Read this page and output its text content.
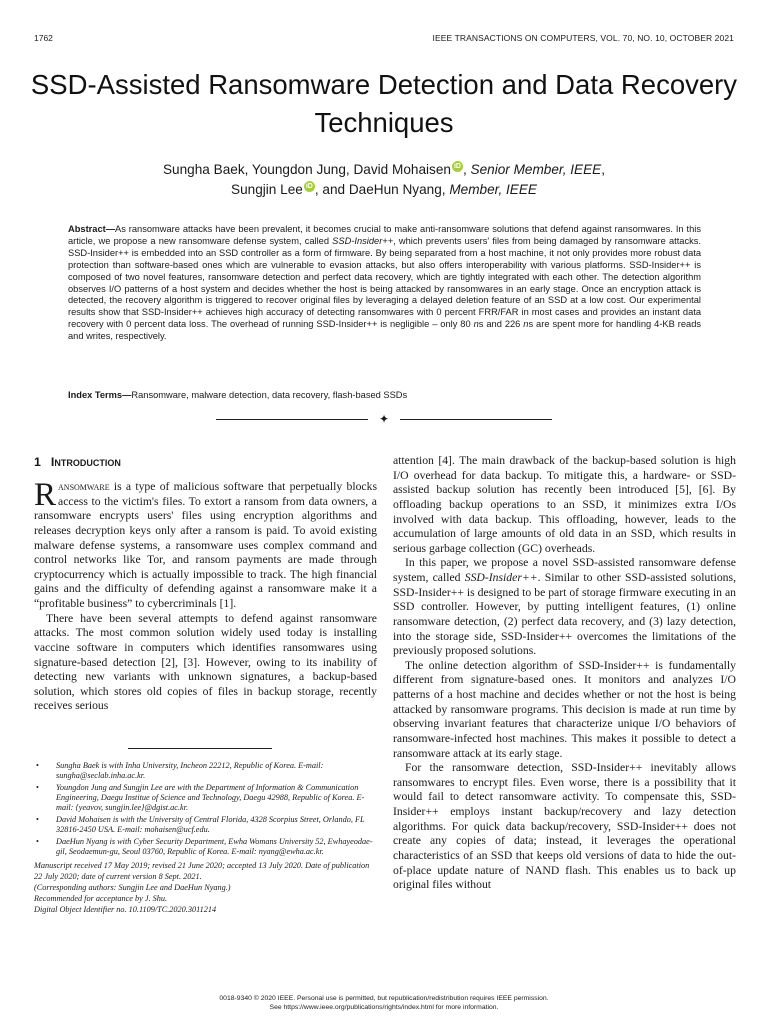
1762	IEEE TRANSACTIONS ON COMPUTERS, VOL. 70, NO. 10, OCTOBER 2021
SSD-Assisted Ransomware Detection and Data Recovery Techniques
Sungha Baek, Youngdon Jung, David Mohaisen iD , Senior Member, IEEE,
Sungjin Lee iD , and DaeHun Nyang, Member, IEEE
Abstract—As ransomware attacks have been prevalent, it becomes crucial to make anti-ransomware solutions that defend against ransomwares. In this article, we propose a new ransomware defense system, called SSD-Insider++, which prevents users' files from being damaged by ransomware attacks. SSD-Insider++ is embedded into an SSD controller as a form of firmware. By being separated from a host machine, it not only provides more robust data protection than software-based ones which are vulnerable to evasion attacks, but also offers interoperability with various platforms. SSD-Insider++ is composed of two novel features, ransomware detection and perfect data recovery, which are tightly integrated with each other. The detection algorithm observes I/O patterns of a host system and decides whether the host is being attacked by ransomwares in an early stage. Once an encryption attack is detected, the recovery algorithm is triggered to recover original files by leveraging a delayed deletion feature of an SSD at a low cost. Our experimental results show that SSD-Insider++ achieves high accuracy of detecting ransomwares with 0 percent FRR/FAR in most cases and provides an instant data recovery with 0 percent data loss. The overhead of running SSD-Insider++ is negligible – only 80 ns and 226 ns are spent more for handling 4-KB reads and writes, respectively.
Index Terms—Ransomware, malware detection, data recovery, flash-based SSDs
✦
1 Introduction

Ransomware is a type of malicious software that perpetually blocks access to the victim's files. To extort a ransom from data owners, a ransomware encrypts users' files using encryption algorithms and releases decryption keys only after a ransom is paid. To avoid existing malware defense systems, a ransomware uses complex command and control networks like Tor, and ransom payments are made through cryptocurrency which is actually impossible to track. The high financial gains and the difficulty of defending against a ransomware make it a “profitable business” to cybercriminals [1].

There have been several attempts to defend against ransomware attacks. The most common solution widely used today is installing vaccine software in computers which identifies ransomwares using signature-based detection [2], [3]. However, owing to its inability of detecting new variants with unknown signatures, a backup-based solution, which stores old copies of files in backup storage, recently receives serious

• Sungha Baek is with Inha University, Incheon 22212, Republic of Korea. E-mail: sungha@seclab.inha.ac.kr.
• Youngdon Jung and Sungjin Lee are with the Department of Information & Communication Engineering, Daegu Institue of Science and Technology, Daegu 42988, Republic of Korea. E-mail: {yeavov, sungjin.lee}@dgist.ac.kr.
• David Mohaisen is with the University of Central Florida, 4328 Scorpius Street, Orlando, FL 32816-2450 USA. E-mail: mohaisen@ucf.edu.
• DaeHun Nyang is with Cyber Security Department, Ewha Womans University 52, Ewhayeodae-gil, Seodaemun-gu, Seoul 03760, Republic of Korea. E-mail: nyang@ewha.ac.kr.
Manuscript received 17 May 2019; revised 21 June 2020; accepted 13 July 2020. Date of publication 22 July 2020; date of current version 8 Sept. 2021.
(Corresponding authors: Sungjin Lee and DaeHun Nyang.)
Recommended for acceptance by J. Shu.
Digital Object Identifier no. 10.1109/TC.2020.3011214

attention [4]. The main drawback of the backup-based solution is high I/O overhead for data backup. To mitigate this, a hardware- or SSD-assisted backup solution has recently been introduced [5], [6]. By offloading backup operations to an SSD, it minimizes extra I/Os involved with data backup. This offloading, however, leads to the accumulation of large amounts of old data in an SSD, which results in serious garbage collection (GC) overheads.

In this paper, we propose a novel SSD-assisted ransomware defense system, called SSD-Insider++. Similar to other SSD-assisted solutions, SSD-Insider++ is designed to be part of storage firmware executing in an SSD controller. However, by putting intelligent features, (1) online ransomware detection, (2) perfect data recovery, and (3) lazy detection, into the storage side, SSD-Insider++ overcomes the limitations of the previously proposed solutions.

The online detection algorithm of SSD-Insider++ is fundamentally different from signature-based ones. It monitors and analyzes I/O patterns of a host machine and decides whether or not the host is being attacked by ransomware programs. This decision is made at run time by observing invariant features that characterize unique I/O behaviors of ransomware-infected host machines. This makes it possible to detect a ransomware attack at its early stage.

For the ransomware detection, SSD-Insider++ inevitably allows ransomwares to encrypt files. Even worse, there is a possibility that it would fail to detect ransomware activity. To compensate this, SSD-Insider++ employs instant backup/recovery and lazy detection algorithms. For quick data backup/recovery, SSD-Insider++ does not create any copies of data; instead, it leverages the operational characteristics of an SSD that keeps old versions of data to hide the out-of-place update nature of NAND flash. This enables us to back up original files without

0018-9340 © 2020 IEEE. Personal use is permitted, but republication/redistribution requires IEEE permission.
See https://www.ieee.org/publications/rights/index.html for more information.
